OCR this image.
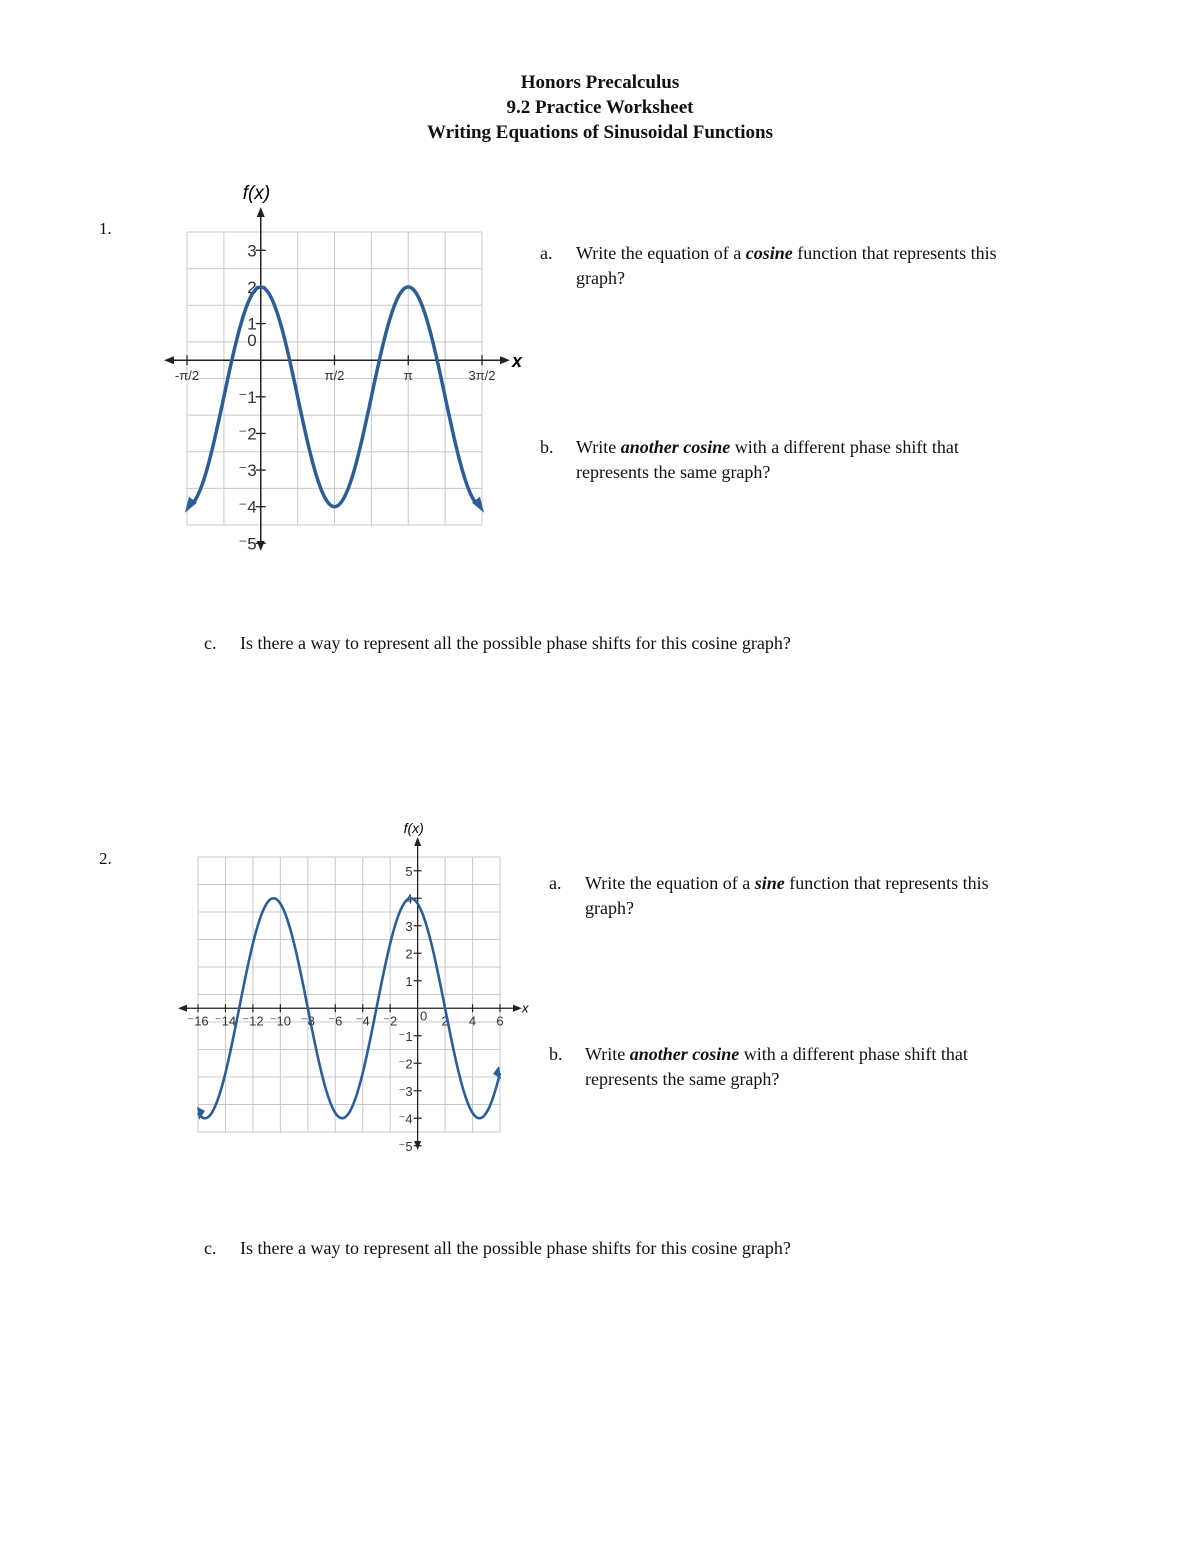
Honors Precalculus
9.2 Practice Worksheet
Writing Equations of Sinusoidal Functions
1.
x
f(x)
3
2
1
0
⁻1
⁻2
⁻3
⁻4
⁻5
-π/2	π/2	π	3π/2
a. Write the equation of a cosine function that represents this
graph?
b. Write another cosine with a different phase shift that
represents the same graph?
c. Is there a way to represent all the possible phase shifts for this cosine graph?
2.
x
f(x)
5
4
3
2
1
⁻1
⁻2
⁻3
⁻4
⁻5
⁻16 ⁻14 ⁻12 ⁻10 ⁻8 ⁻6 ⁻4 ⁻2 0 2 4 6
a. Write the equation of a sine function that represents this
graph?
b. Write another cosine with a different phase shift that
represents the same graph?
c. Is there a way to represent all the possible phase shifts for this cosine graph?
